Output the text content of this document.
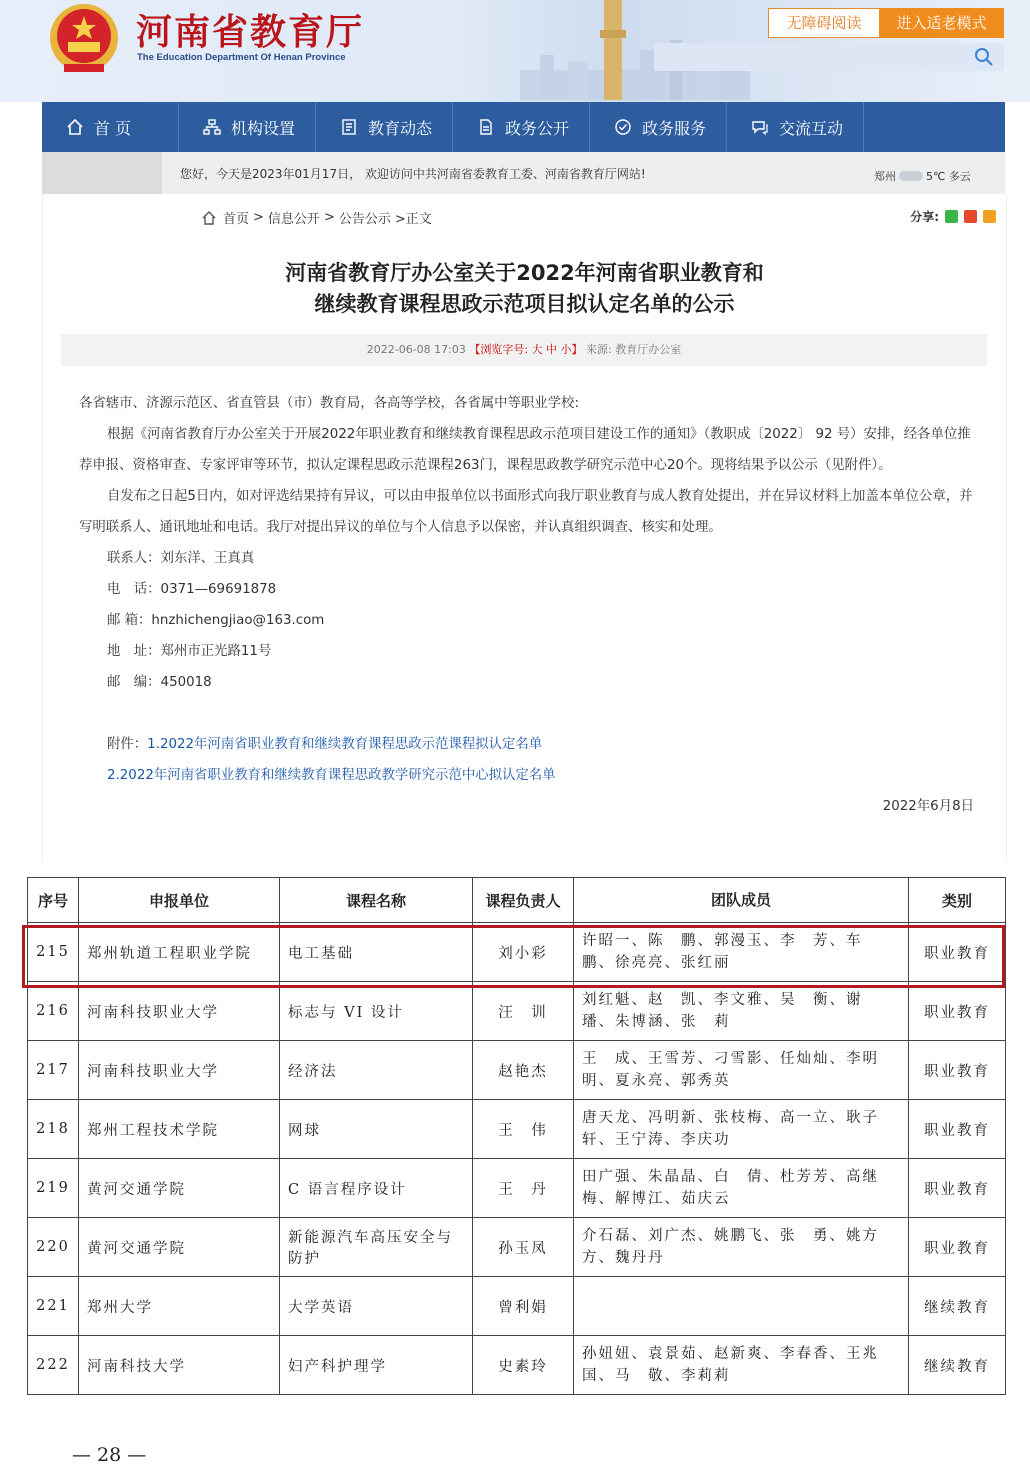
河南省教育厅
The Education Department Of Henan Province
无障碍阅读	进入适老模式
首 页	机构设置	教育动态	政务公开	政务服务	交流互动
您好，今天是2023年01月17日， 欢迎访问中共河南省委教育工委、河南省教育厅网站!	郑州	5℃ 多云
首页 > 信息公开 > 公告公示 >正文	分享:
河南省教育厅办公室关于2022年河南省职业教育和
继续教育课程思政示范项目拟认定名单的公示
2022-06-08 17:03 【浏览字号: 大 中 小】 来源: 教育厅办公室

各省辖市、济源示范区、省直管县（市）教育局，各高等学校，各省属中等职业学校:

根据《河南省教育厅办公室关于开展2022年职业教育和继续教育课程思政示范项目建设工作的通知》（教职成〔2022〕 92 号）安排，经各单位推荐申报、资格审查、专家评审等环节，拟认定课程思政示范课程263门，课程思政教学研究示范中心20个。现将结果予以公示（见附件）。

自发布之日起5日内，如对评选结果持有异议，可以由申报单位以书面形式向我厅职业教育与成人教育处提出，并在异议材料上加盖本单位公章，并写明联系人、通讯地址和电话。我厅对提出异议的单位与个人信息予以保密，并认真组织调查、核实和处理。

联系人：刘东洋、王真真

电　话：0371—69691878

邮 箱：hnzhichengjiao@163.com

地　址：郑州市正光路11号

邮　编：450018

附件：1.2022年河南省职业教育和继续教育课程思政示范课程拟认定名单

2.2022年河南省职业教育和继续教育课程思政教学研究示范中心拟认定名单

2022年6月8日

序号	申报单位	课程名称	课程负责人	团队成员	类别
215	郑州轨道工程职业学院	电工基础	刘小彩	许昭一、陈　鹏、郭漫玉、李　芳、车　鹏、徐亮亮、张红丽	职业教育
216	河南科技职业大学	标志与 VI 设计	汪　训	刘红魁、赵　凯、李文雅、吴　衡、谢　璠、朱博涵、张　莉	职业教育
217	河南科技职业大学	经济法	赵艳杰	王　成、王雪芳、刁雪影、任灿灿、李明明、夏永亮、郭秀英	职业教育
218	郑州工程技术学院	网球	王　伟	唐天龙、冯明新、张枝梅、高一立、耿子轩、王宁涛、李庆功	职业教育
219	黄河交通学院	C 语言程序设计	王　丹	田广强、朱晶晶、白　倩、杜芳芳、高继梅、解博江、茹庆云	职业教育
220	黄河交通学院	新能源汽车高压安全与防护	孙玉凤	介石磊、刘广杰、姚鹏飞、张　勇、姚方方、魏丹丹	职业教育
221	郑州大学	大学英语	曾利娟		继续教育
222	河南科技大学	妇产科护理学	史素玲	孙妞妞、袁景茹、赵新爽、李春香、王兆国、马　敬、李莉莉	继续教育
— 28 —
